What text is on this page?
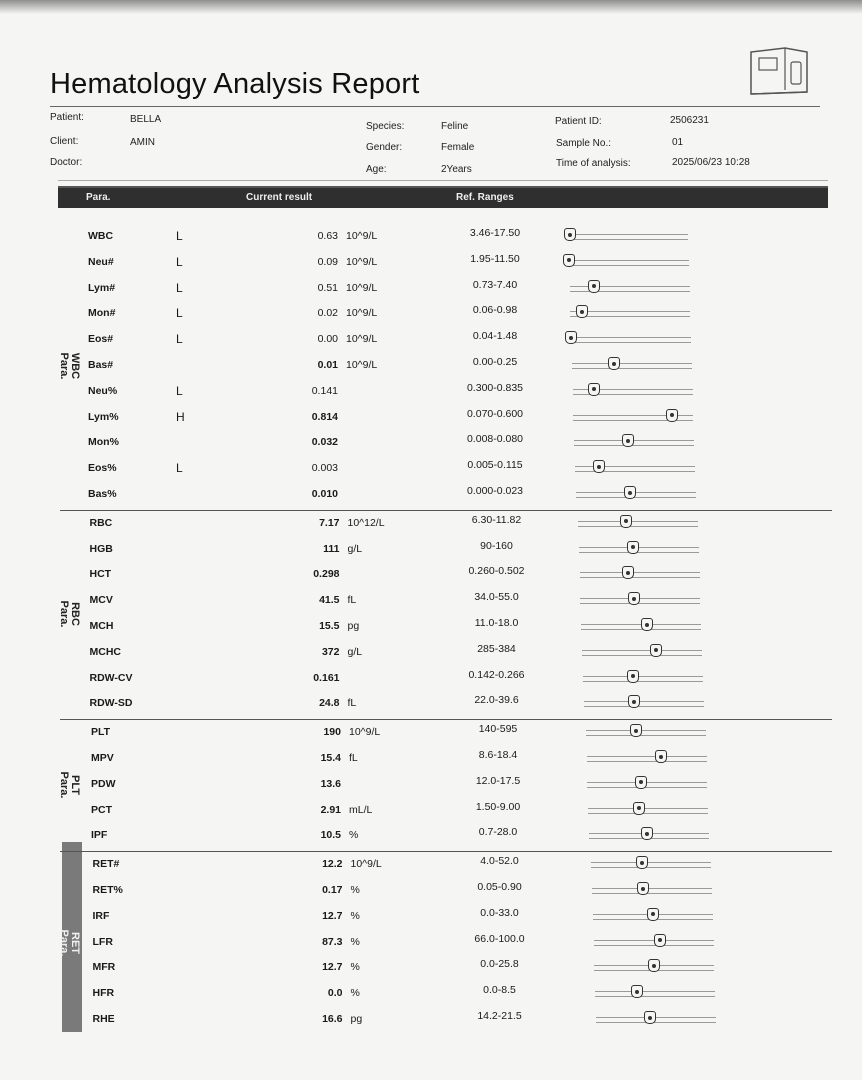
Hematology Analysis Report
Patient:	BELLA
Client:	AMIN
Doctor:
Species:	Feline
Gender:	Female
Age:	2Years
Patient ID:	2506231
Sample No.:	01
Time of analysis:	2025/06/23 10:28
Para.	Current result	Ref. Ranges
WBC	L	0.63 10^9/L	3.46-17.50
Neu#	L	0.09 10^9/L	1.95-11.50
Lym#	L	0.51 10^9/L	0.73-7.40
Mon#	L	0.02 10^9/L	0.06-0.98
Eos#	L	0.00 10^9/L	0.04-1.48
Bas#	0.01 10^9/L	0.00-0.25
Neu%	L	0.141	0.300-0.835
Lym%	H	0.814	0.070-0.600
Mon%	0.032	0.008-0.080
Eos%	L	0.003	0.005-0.115
Bas%	0.010	0.000-0.023
WBC Para.
RBC	7.17 10^12/L	6.30-11.82
HGB	111 g/L	90-160
HCT	0.298	0.260-0.502
MCV	41.5 fL	34.0-55.0
MCH	15.5 pg	11.0-18.0
MCHC	372 g/L	285-384
RDW-CV	0.161	0.142-0.266
RDW-SD	24.8 fL	22.0-39.6
RBC Para.
PLT	190 10^9/L	140-595
MPV	15.4 fL	8.6-18.4
PDW	13.6	12.0-17.5
PCT	2.91 mL/L	1.50-9.00
IPF	10.5 %	0.7-28.0
PLT Para.
RET#	12.2 10^9/L	4.0-52.0
RET%	0.17 %	0.05-0.90
IRF	12.7 %	0.0-33.0
LFR	87.3 %	66.0-100.0
MFR	12.7 %	0.0-25.8
HFR	0.0 %	0.0-8.5
RHE	16.6 pg	14.2-21.5
RET Para.
